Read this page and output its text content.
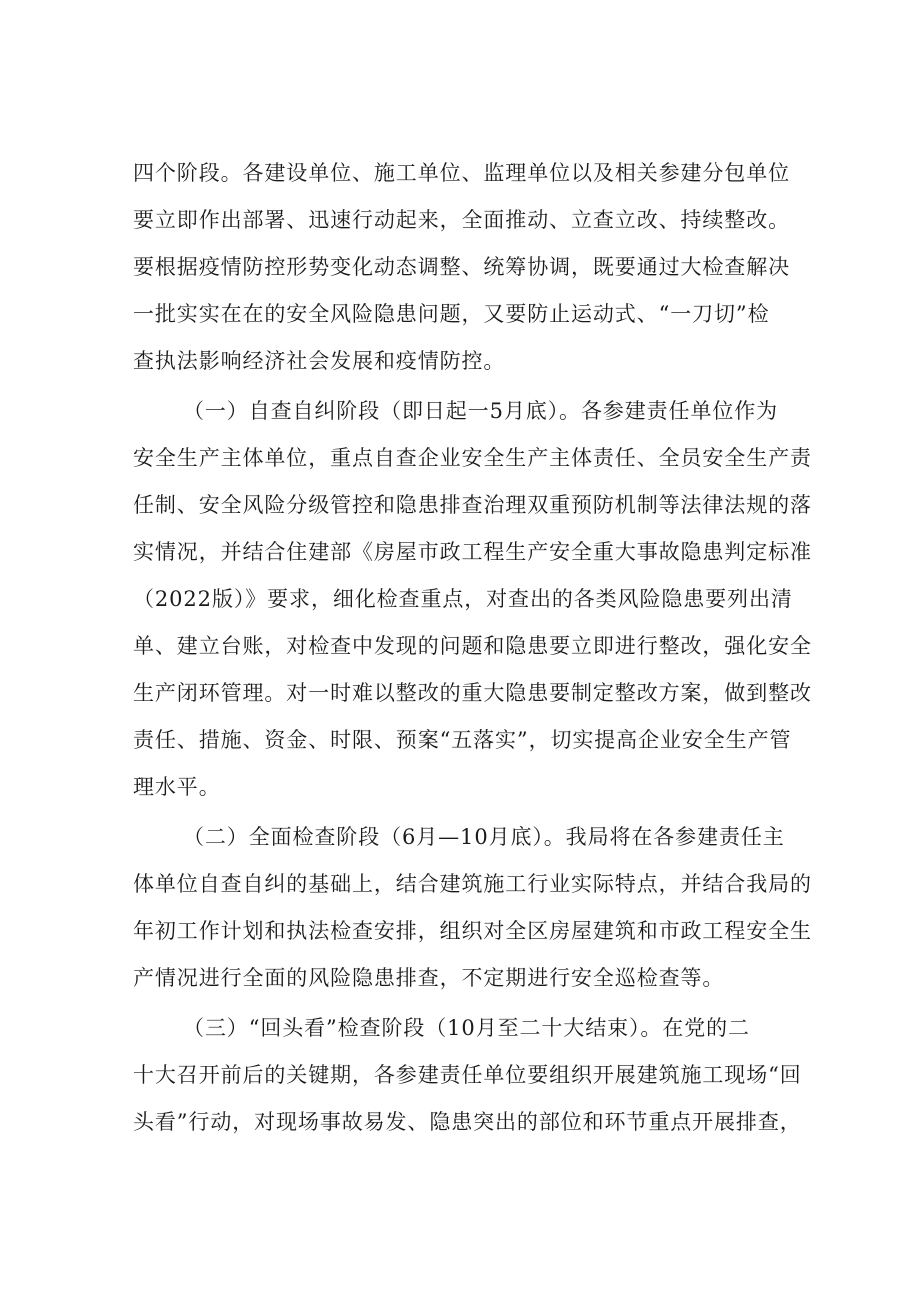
四个阶段。各建设单位、施工单位、监理单位以及相关参建分包单位
要立即作出部署、迅速行动起来，全面推动、立查立改、持续整改。
要根据疫情防控形势变化动态调整、统筹协调，既要通过大检查解决
一批实实在在的安全风险隐患问题，又要防止运动式、“一刀切”检
查执法影响经济社会发展和疫情防控。
（一）自查自纠阶段（即日起一5月底）。各参建责任单位作为
安全生产主体单位，重点自查企业安全生产主体责任、全员安全生产责
任制、安全风险分级管控和隐患排查治理双重预防机制等法律法规的落
实情况，并结合住建部《房屋市政工程生产安全重大事故隐患判定标准
（2022版）》要求，细化检查重点，对查出的各类风险隐患要列出清
单、建立台账，对检查中发现的问题和隐患要立即进行整改，强化安全
生产闭环管理。对一时难以整改的重大隐患要制定整改方案，做到整改
责任、措施、资金、时限、预案“五落实”，切实提高企业安全生产管
理水平。
（二）全面检查阶段（6月—10月底）。我局将在各参建责任主
体单位自查自纠的基础上，结合建筑施工行业实际特点，并结合我局的
年初工作计划和执法检查安排，组织对全区房屋建筑和市政工程安全生
产情况进行全面的风险隐患排查，不定期进行安全巡检查等。
（三）“回头看”检查阶段（10月至二十大结束）。在党的二
十大召开前后的关键期，各参建责任单位要组织开展建筑施工现场“回
头看”行动，对现场事故易发、隐患突出的部位和环节重点开展排查，
